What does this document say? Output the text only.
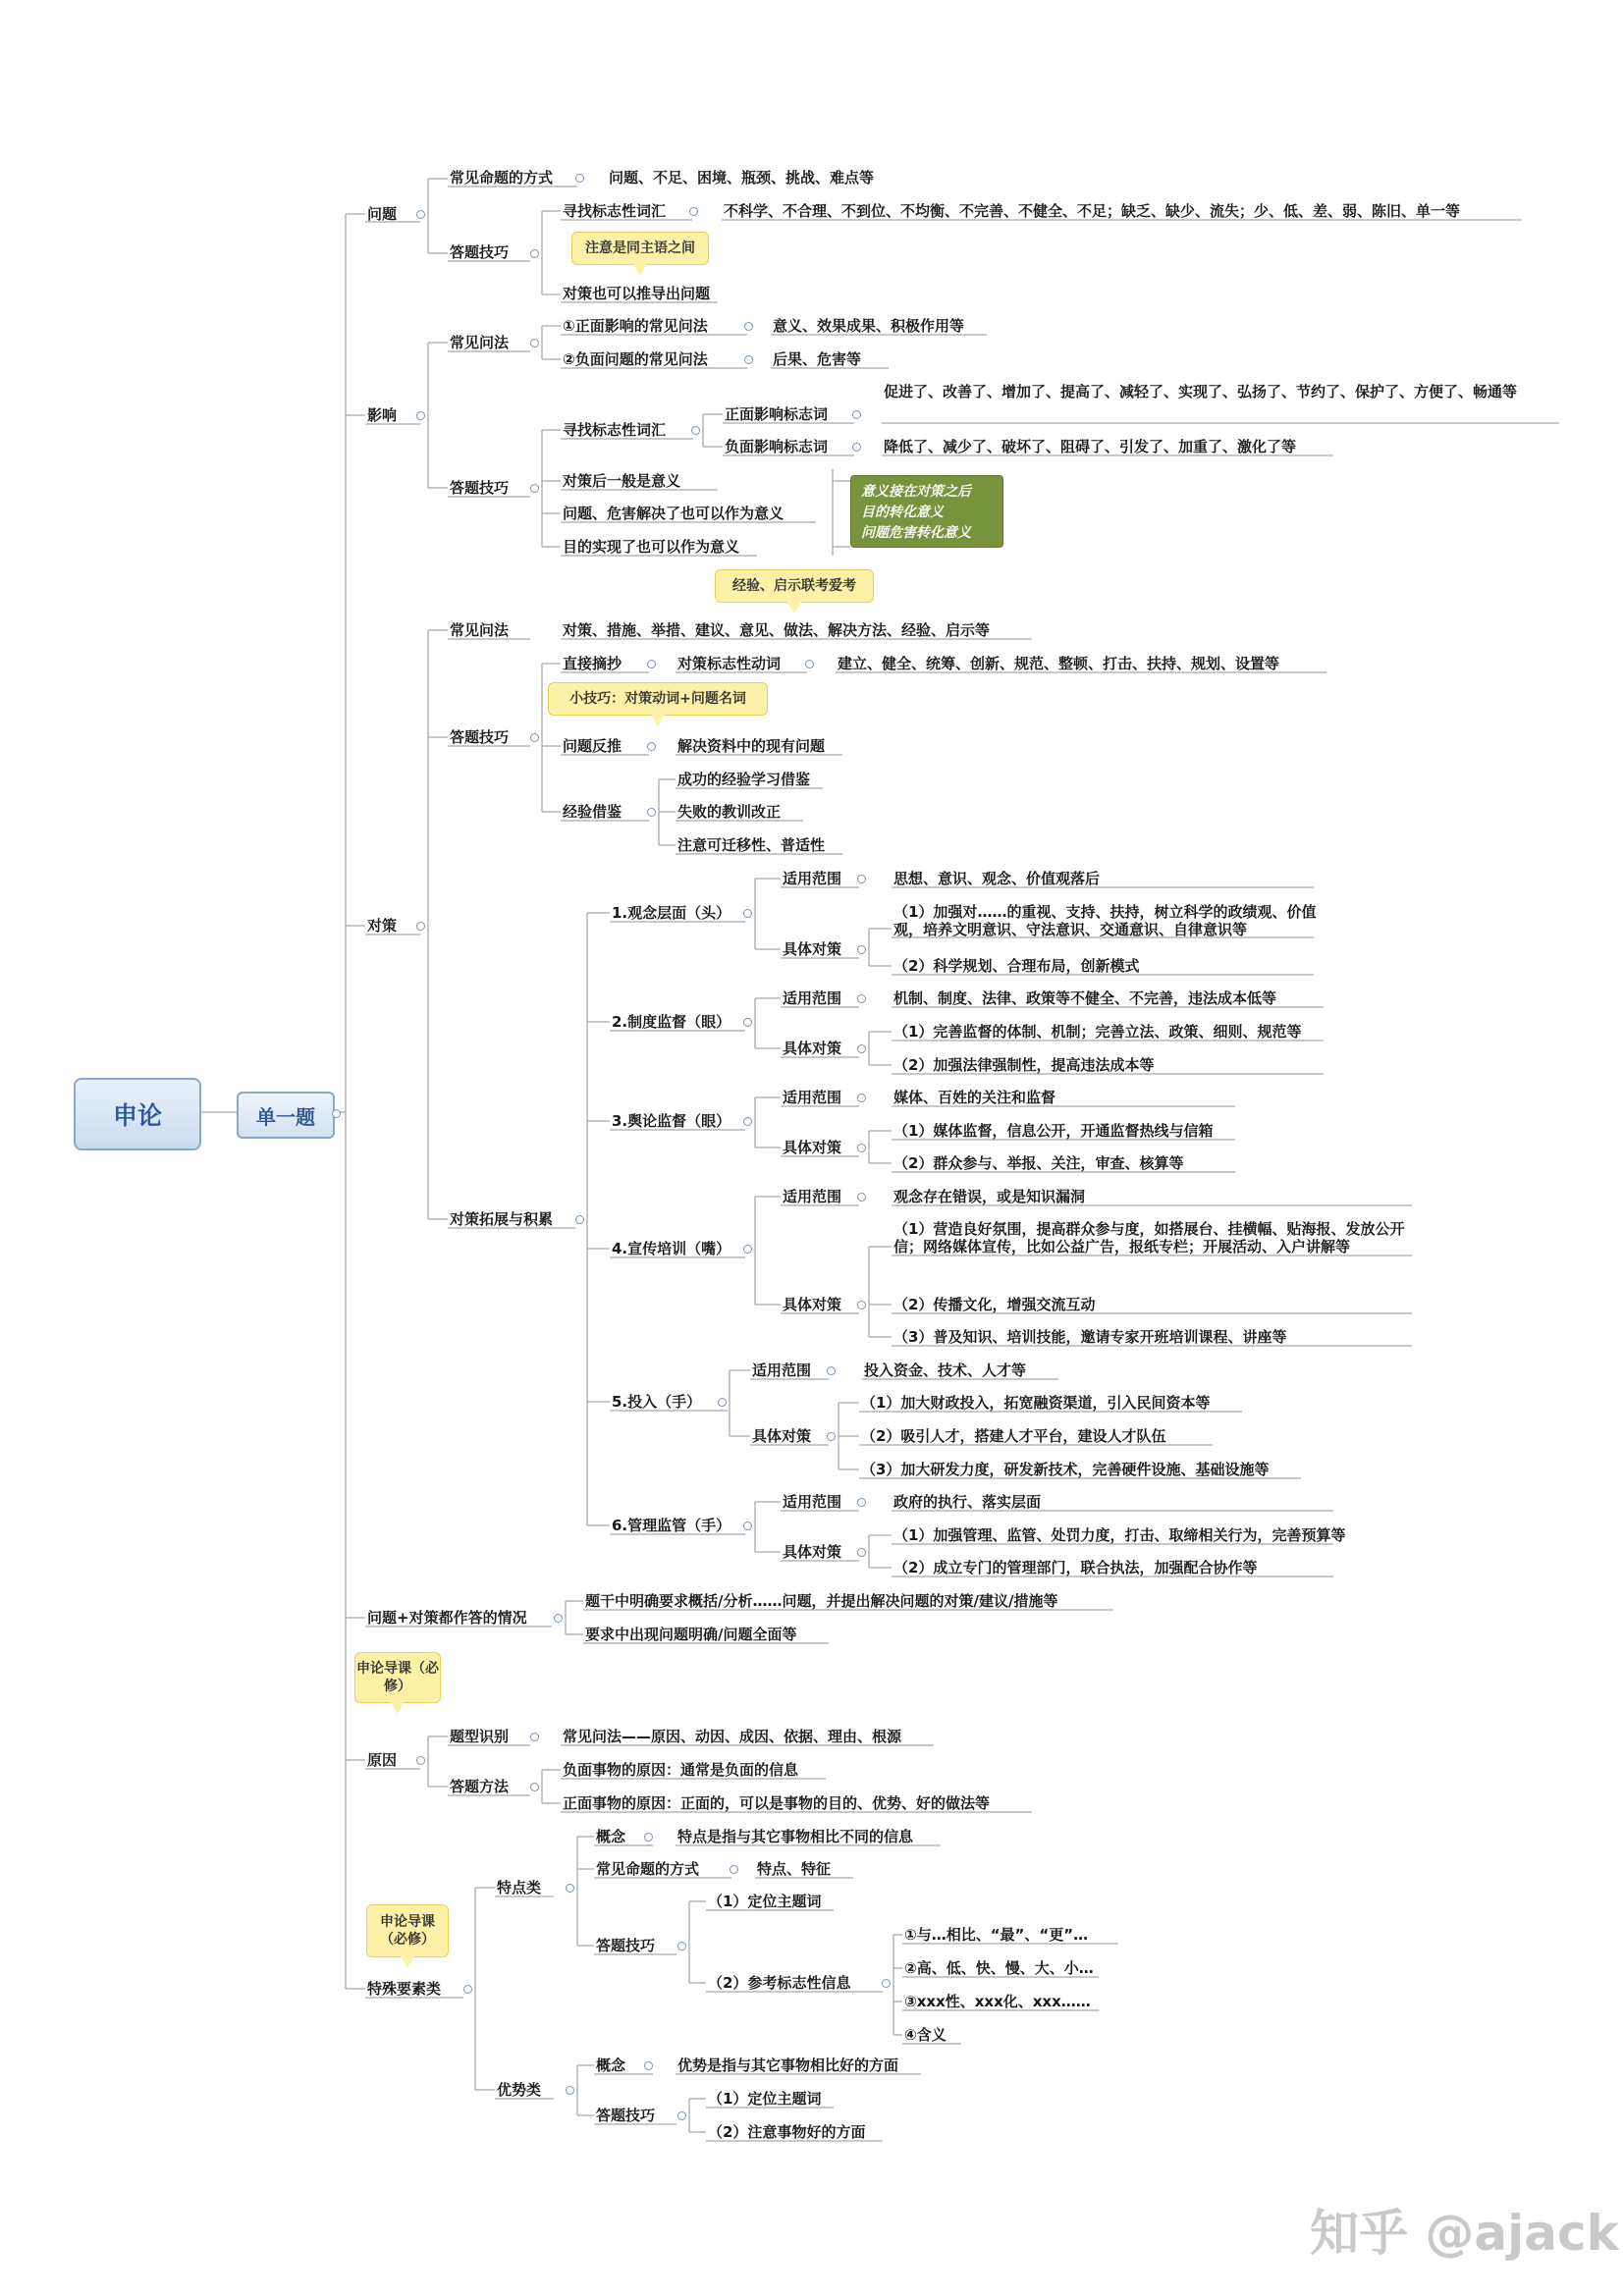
申论	单一题
问题
常见命题的方式	问题、不足、困境、瓶颈、挑战、难点等
答题技巧
寻找标志性词汇	不科学、不合理、不到位、不均衡、不完善、不健全、不足；缺乏、缺少、流失；少、低、差、弱、陈旧、单一等
注意是同主语之间
对策也可以推导出问题
影响
常见问法
①正面影响的常见问法	意义、效果成果、积极作用等
②负面问题的常见问法	后果、危害等
答题技巧
寻找标志性词汇
正面影响标志词
促进了、改善了、增加了、提高了、减轻了、实现了、弘扬了、节约了、保护了、方便了、畅通等
负面影响标志词	降低了、减少了、破坏了、阻碍了、引发了、加重了、激化了等
对策后一般是意义
问题、危害解决了也可以作为意义
目的实现了也可以作为意义
意义接在对策之后
目的转化意义
问题危害转化意义
经验、启示联考爱考
对策
常见问法	对策、措施、举措、建议、意见、做法、解决方法、经验、启示等
答题技巧
直接摘抄	对策标志性动词	建立、健全、统筹、创新、规范、整顿、打击、扶持、规划、设置等
小技巧：对策动词+问题名词
问题反推	解决资料中的现有问题
经验借鉴
成功的经验学习借鉴
失败的教训改正
注意可迁移性、普适性
对策拓展与积累
1.观念层面（头）
适用范围	思想、意识、观念、价值观落后
具体对策
（1）加强对……的重视、支持、扶持，树立科学的政绩观、价值观，培养文明意识、守法意识、交通意识、自律意识等
（2）科学规划、合理布局，创新模式
2.制度监督（眼）
适用范围	机制、制度、法律、政策等不健全、不完善，违法成本低等
具体对策
（1）完善监督的体制、机制；完善立法、政策、细则、规范等
（2）加强法律强制性，提高违法成本等
3.舆论监督（眼）
适用范围	媒体、百姓的关注和监督
具体对策
（1）媒体监督，信息公开，开通监督热线与信箱
（2）群众参与、举报、关注，审查、核算等
4.宣传培训（嘴）
适用范围	观念存在错误，或是知识漏洞
具体对策
（1）营造良好氛围，提高群众参与度，如搭展台、挂横幅、贴海报、发放公开信；网络媒体宣传，比如公益广告，报纸专栏；开展活动、入户讲解等
（2）传播文化，增强交流互动
（3）普及知识、培训技能，邀请专家开班培训课程、讲座等
5.投入（手）
适用范围	投入资金、技术、人才等
具体对策
（1）加大财政投入，拓宽融资渠道，引入民间资本等
（2）吸引人才，搭建人才平台，建设人才队伍
（3）加大研发力度，研发新技术，完善硬件设施、基础设施等
6.管理监管（手）
适用范围	政府的执行、落实层面
具体对策
（1）加强管理、监管、处罚力度，打击、取缔相关行为，完善预算等
（2）成立专门的管理部门，联合执法，加强配合协作等
问题+对策都作答的情况
题干中明确要求概括/分析……问题，并提出解决问题的对策/建议/措施等
要求中出现问题明确/问题全面等
申论导课（必修）
原因
题型识别	常见问法——原因、动因、成因、依据、理由、根源
答题方法
负面事物的原因：通常是负面的信息
正面事物的原因：正面的，可以是事物的目的、优势、好的做法等
申论导课（必修）
特殊要素类
特点类
概念	特点是指与其它事物相比不同的信息
常见命题的方式	特点、特征
答题技巧
（1）定位主题词
（2）参考标志性信息
①与…相比、“最”、“更”…
②高、低、快、慢、大、小…
③xxx性、xxx化、xxx……
④含义
优势类
概念	优势是指与其它事物相比好的方面
答题技巧
（1）定位主题词
（2）注意事物好的方面
知乎 @ajack
